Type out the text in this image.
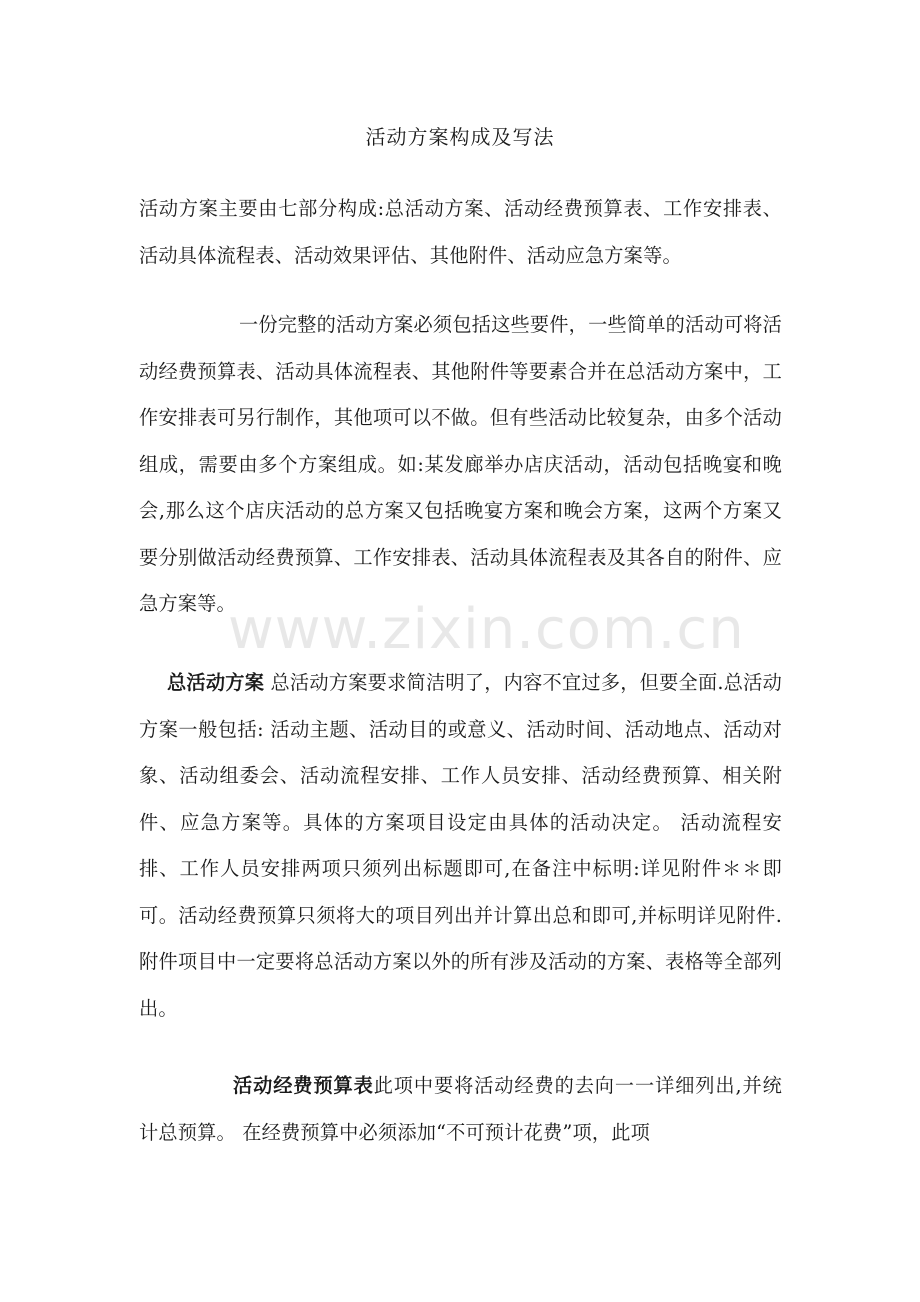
活动方案构成及写法

活动方案主要由七部分构成:总活动方案、活动经费预算表、工作安排表、活动具体流程表、活动效果评估、其他附件、活动应急方案等。

一份完整的活动方案必须包括这些要件，一些简单的活动可将活动经费预算表、活动具体流程表、其他附件等要素合并在总活动方案中，工作安排表可另行制作，其他项可以不做。但有些活动比较复杂，由多个活动组成，需要由多个方案组成。如:某发廊举办店庆活动，活动包括晚宴和晚会,那么这个店庆活动的总方案又包括晚宴方案和晚会方案，这两个方案又要分别做活动经费预算、工作安排表、活动具体流程表及其各自的附件、应急方案等。

总活动方案 总活动方案要求简洁明了，内容不宜过多，但要全面.总活动方案一般包括: 活动主题、活动目的或意义、活动时间、活动地点、活动对象、活动组委会、活动流程安排、工作人员安排、活动经费预算、相关附件、应急方案等。具体的方案项目设定由具体的活动决定。 活动流程安排、工作人员安排两项只须列出标题即可,在备注中标明:详见附件＊＊即可。活动经费预算只须将大的项目列出并计算出总和即可,并标明详见附件.附件项目中一定要将总活动方案以外的所有涉及活动的方案、表格等全部列出。

活动经费预算表此项中要将活动经费的去向一一详细列出,并统计总预算。 在经费预算中必须添加“不可预计花费”项，此项

www.zixin.com.cn
